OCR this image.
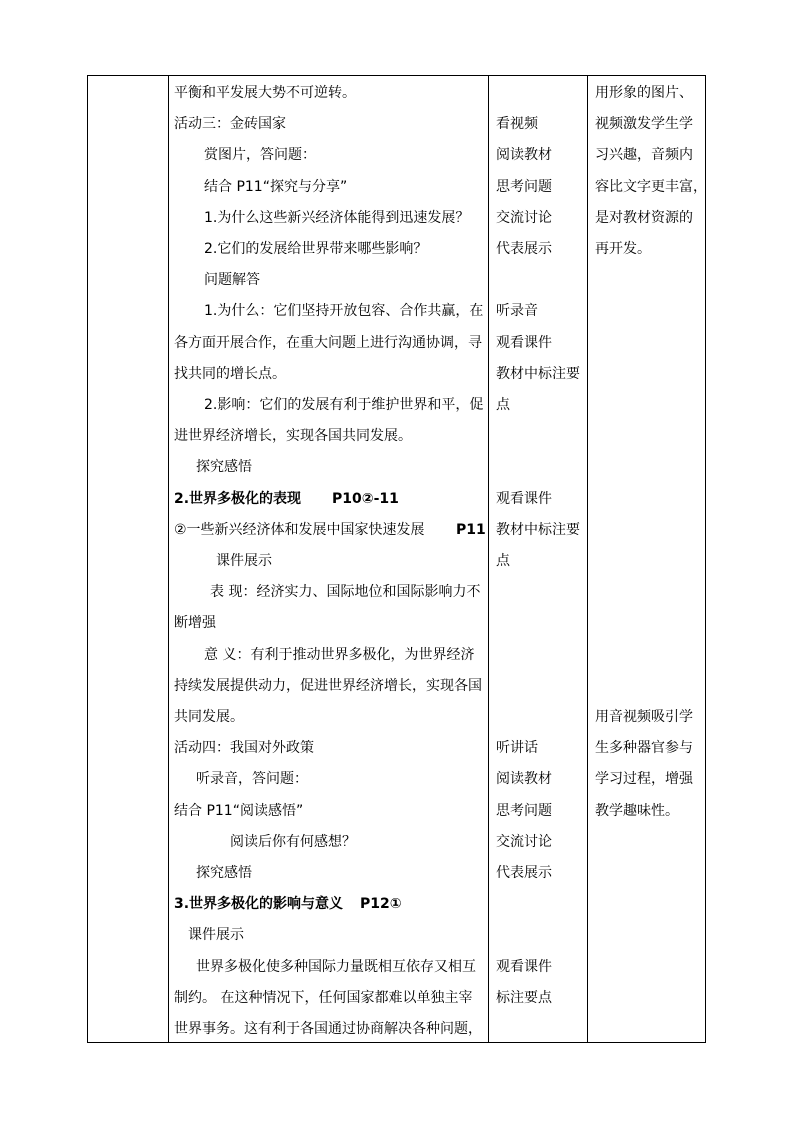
平衡和平发展大势不可逆转。
活动三：金砖国家
赏图片，答问题：
结合 P11“探究与分享”
1.为什么这些新兴经济体能得到迅速发展？
2.它们的发展给世界带来哪些影响？
问题解答
1.为什么：它们坚持开放包容、合作共赢，在
各方面开展合作，在重大问题上进行沟通协调，寻
找共同的增长点。
2.影响：它们的发展有利于维护世界和平，促
进世界经济增长，实现各国共同发展。
探究感悟
2.世界多极化的表现 P10②-11
②一些新兴经济体和发展中国家快速发展 P11
课件展示
表 现：经济实力、国际地位和国际影响力不
断增强
意 义：有利于推动世界多极化，为世界经济
持续发展提供动力，促进世界经济增长，实现各国
共同发展。
活动四：我国对外政策
听录音，答问题：
结合 P11“阅读感悟”
阅读后你有何感想？
探究感悟
3.世界多极化的影响与意义 P12①
课件展示
世界多极化使多种国际力量既相互依存又相互
制约。 在这种情况下，任何国家都难以单独主宰
世界事务。这有利于各国通过协商解决各种问题，
看视频
阅读教材
思考问题
交流讨论
代表展示
听录音
观看课件
教材中标注要
点
观看课件
教材中标注要
点
听讲话
阅读教材
思考问题
交流讨论
代表展示
观看课件
标注要点
用形象的图片、
视频激发学生学
习兴趣，音频内
容比文字更丰富，
是对教材资源的
再开发。
用音视频吸引学
生多种器官参与
学习过程，增强
教学趣味性。
